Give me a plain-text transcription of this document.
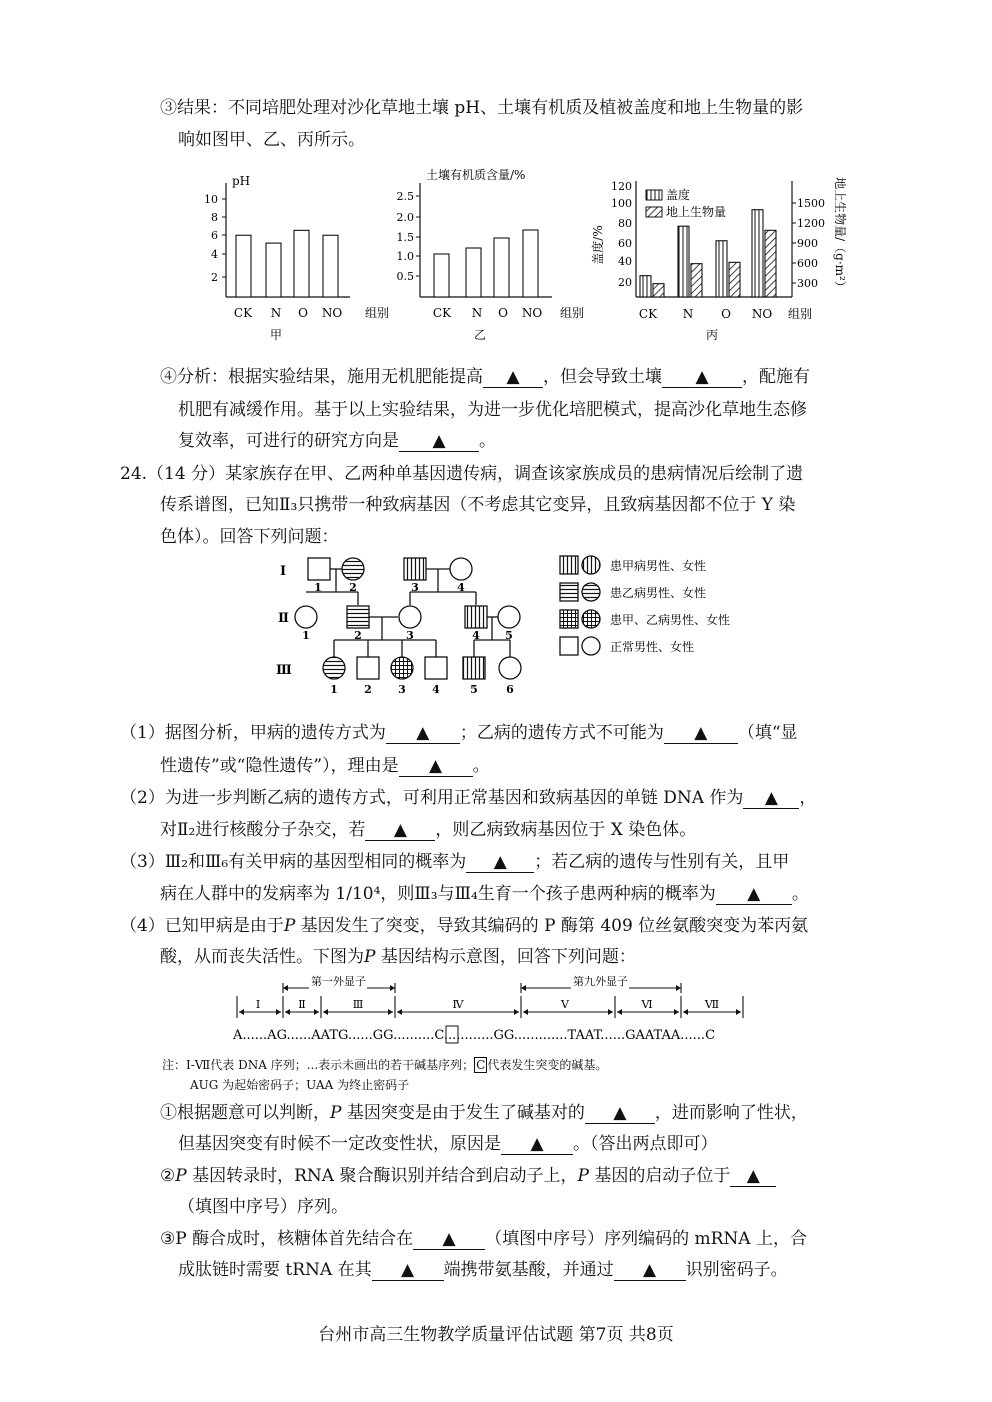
③结果：不同培肥处理对沙化草地土壤 pH、土壤有机质及植被盖度和地上生物量的影
响如图甲、乙、丙所示。
pH
10
8
6
4
2
CK N O NO 组别
甲
土壤有机质含量/%
2.5
2.0
1.5
1.0
0.5
CK N O NO 组别
乙
盖度/%	地上生物量/（g·m²）
120
100
80
60
40
20
1500
1200
900
600
300
盖度
地上生物量
CK N O NO 组别
丙
④分析：根据实验结果，施用无机肥能提高 ▲ ，但会导致土壤 ▲ ，配施有
机肥有减缓作用。基于以上实验结果，为进一步优化培肥模式，提高沙化草地生态修
复效率，可进行的研究方向是 ▲ 。
24.（14 分）某家族存在甲、乙两种单基因遗传病，调查该家族成员的患病情况后绘制了遗
传系谱图，已知Ⅱ₃只携带一种致病基因（不考虑其它变异，且致病基因都不位于 Y 染
色体）。回答下列问题：
Ⅰ
Ⅱ
Ⅲ
1 2	3	4
1	2	3	4 5
1 2 3 4	5	6
患甲病男性、女性
患乙病男性、女性
患甲、乙病男性、女性
正常男性、女性
（1）据图分析，甲病的遗传方式为 ▲ ；乙病的遗传方式不可能为 ▲ （填“显
性遗传”或“隐性遗传”），理由是 ▲ 。
（2）为进一步判断乙病的遗传方式，可利用正常基因和致病基因的单链 DNA 作为 ▲ ，
对Ⅱ₂进行核酸分子杂交，若 ▲ ，则乙病致病基因位于 X 染色体。
（3）Ⅲ₂和Ⅲ₆有关甲病的基因型相同的概率为 ▲ ；若乙病的遗传与性别有关，且甲
病在人群中的发病率为 1/10⁴，则Ⅲ₃与Ⅲ₄生育一个孩子患两种病的概率为 ▲ 。
（4）已知甲病是由于P 基因发生了突变，导致其编码的 P 酶第 409 位丝氨酸突变为苯丙氨
酸，从而丧失活性。下图为P 基因结构示意图，回答下列问题：
第一外显子	第九外显子
Ⅰ	Ⅱ	Ⅲ	Ⅳ	Ⅴ	Ⅵ	Ⅶ
A......AG......AATG......GG..........C............GG.............TAAT......GAATAA......C
注：Ⅰ-Ⅶ代表 DNA 序列；...表示未画出的若干碱基序列； C 代表发生突变的碱基。
AUG 为起始密码子；UAA 为终止密码子
①根据题意可以判断，P 基因突变是由于发生了碱基对的 ▲ ，进而影响了性状，
但基因突变有时候不一定改变性状，原因是 ▲ 。（答出两点即可）
②P 基因转录时，RNA 聚合酶识别并结合到启动子上，P 基因的启动子位于 ▲
（填图中序号）序列。
③P 酶合成时，核糖体首先结合在 ▲ （填图中序号）序列编码的 mRNA 上，合
成肽链时需要 tRNA 在其 ▲ 端携带氨基酸，并通过 ▲ 识别密码子。
台州市高三生物教学质量评估试题 第7页 共8页
